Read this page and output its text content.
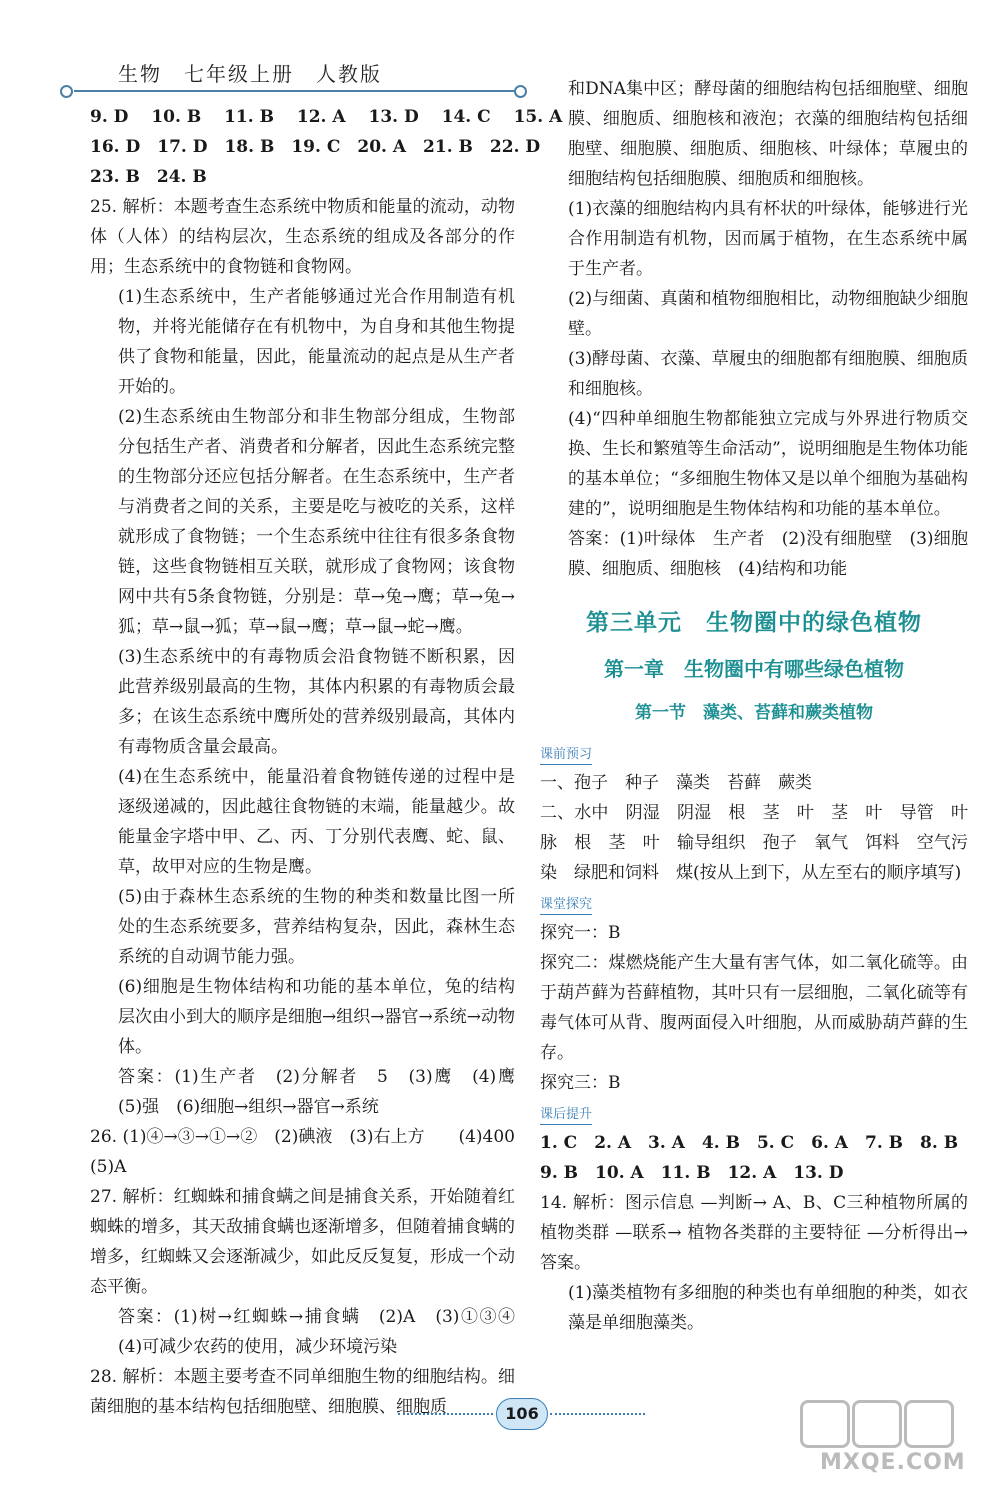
生物　七年级上册　人教版

9. D　 10. B　 11. B　 12. A　 13. D　 14. C　 15. A

16. D　17. D　18. B　19. C　20. A　21. B　22. D

23. B　24. B

25. 解析：本题考查生态系统中物质和能量的流动，动物体（人体）的结构层次，生态系统的组成及各部分的作用；生态系统中的食物链和食物网。

(1)生态系统中，生产者能够通过光合作用制造有机物，并将光能储存在有机物中，为自身和其他生物提供了食物和能量，因此，能量流动的起点是从生产者开始的。

(2)生态系统由生物部分和非生物部分组成，生物部分包括生产者、消费者和分解者，因此生态系统完整的生物部分还应包括分解者。在生态系统中，生产者与消费者之间的关系，主要是吃与被吃的关系，这样就形成了食物链；一个生态系统中往往有很多条食物链，这些食物链相互关联，就形成了食物网；该食物网中共有5条食物链，分别是：草→兔→鹰；草→兔→狐；草→鼠→狐；草→鼠→鹰；草→鼠→蛇→鹰。

(3)生态系统中的有毒物质会沿食物链不断积累，因此营养级别最高的生物，其体内积累的有毒物质会最多；在该生态系统中鹰所处的营养级别最高，其体内有毒物质含量会最高。

(4)在生态系统中，能量沿着食物链传递的过程中是逐级递减的，因此越往食物链的末端，能量越少。故能量金字塔中甲、乙、丙、丁分别代表鹰、蛇、鼠、草，故甲对应的生物是鹰。

(5)由于森林生态系统的生物的种类和数量比图一所处的生态系统要多，营养结构复杂，因此，森林生态系统的自动调节能力强。

(6)细胞是生物体结构和功能的基本单位，兔的结构层次由小到大的顺序是细胞→组织→器官→系统→动物体。

答案：(1)生产者　(2)分解者　5　(3)鹰　(4)鹰　(5)强　(6)细胞→组织→器官→系统

26. (1)④→③→①→②　(2)碘液　(3)右上方　　(4)400　(5)A

27. 解析：红蜘蛛和捕食螨之间是捕食关系，开始随着红蜘蛛的增多，其天敌捕食螨也逐渐增多，但随着捕食螨的增多，红蜘蛛又会逐渐减少，如此反反复复，形成一个动态平衡。

答案：(1)树→红蜘蛛→捕食螨　(2)A　(3)①③④　(4)可减少农药的使用，减少环境污染

28. 解析：本题主要考查不同单细胞生物的细胞结构。细菌细胞的基本结构包括细胞壁、细胞膜、细胞质

和DNA集中区；酵母菌的细胞结构包括细胞壁、细胞膜、细胞质、细胞核和液泡；衣藻的细胞结构包括细胞壁、细胞膜、细胞质、细胞核、叶绿体；草履虫的细胞结构包括细胞膜、细胞质和细胞核。

(1)衣藻的细胞结构内具有杯状的叶绿体，能够进行光合作用制造有机物，因而属于植物，在生态系统中属于生产者。

(2)与细菌、真菌和植物细胞相比，动物细胞缺少细胞壁。

(3)酵母菌、衣藻、草履虫的细胞都有细胞膜、细胞质和细胞核。

(4)“四种单细胞生物都能独立完成与外界进行物质交换、生长和繁殖等生命活动”，说明细胞是生物体功能的基本单位；“多细胞生物体又是以单个细胞为基础构建的”，说明细胞是生物体结构和功能的基本单位。

答案：(1)叶绿体　生产者　(2)没有细胞壁　(3)细胞膜、细胞质、细胞核　(4)结构和功能

第三单元　生物圈中的绿色植物
第一章　生物圈中有哪些绿色植物
第一节　藻类、苔藓和蕨类植物
课前预习

一、孢子　种子　藻类　苔藓　蕨类

二、水中　阴湿　阴湿　根　茎　叶　茎　叶　导管　叶脉　根　茎　叶　输导组织　孢子　氧气　饵料　空气污染　绿肥和饲料　煤(按从上到下，从左至右的顺序填写)

课堂探究

探究一：B

探究二：煤燃烧能产生大量有害气体，如二氧化硫等。由于葫芦藓为苔藓植物，其叶只有一层细胞，二氧化硫等有毒气体可从背、腹两面侵入叶细胞，从而威胁葫芦藓的生存。

探究三：B

课后提升

1. C　2. A　3. A　4. B　5. C　6. A　7. B　8. B

9. B　10. A　11. B　12. A　13. D

14. 解析：图示信息 —判断→ A、B、C三种植物所属的植物类群 —联系→ 植物各类群的主要特征 —分析得出→ 答案。

(1)藻类植物有多细胞的种类也有单细胞的种类，如衣藻是单细胞藻类。

106
MXQE.COM
